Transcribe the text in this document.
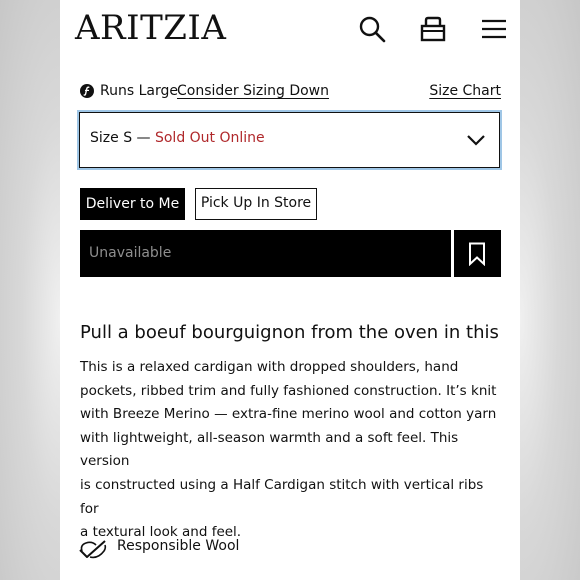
ARITZIA
Runs Large Consider Sizing Down	Size Chart
Size S — Sold Out Online
Deliver to Me	Pick Up In Store
Unavailable
Pull a boeuf bourguignon from the oven in this
This is a relaxed cardigan with dropped shoulders, hand
pockets, ribbed trim and fully fashioned construction. It’s knit
with Breeze Merino — extra-fine merino wool and cotton yarn
with lightweight, all-season warmth and a soft feel. This version
is constructed using a Half Cardigan stitch with vertical ribs for
a textural look and feel.
Responsible Wool
